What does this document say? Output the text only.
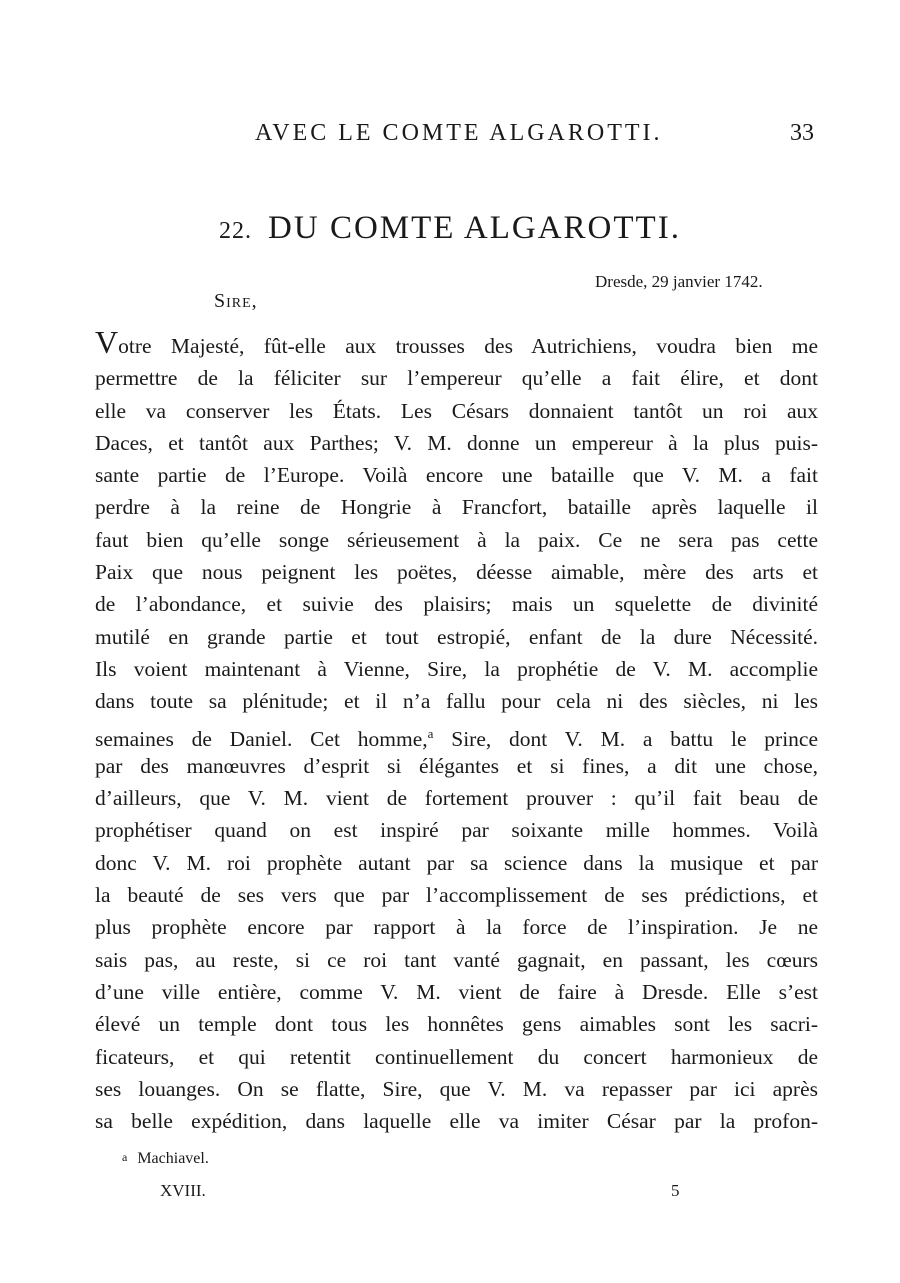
AVEC LE COMTE ALGAROTTI.	33
22. DU COMTE ALGAROTTI.
Dresde, 29 janvier 1742.
Sire,
Votre Majesté, fût-elle aux trousses des Autrichiens, voudra bien me
permettre de la féliciter sur l’empereur qu’elle a fait élire, et dont
elle va conserver les États. Les Césars donnaient tantôt un roi aux
Daces, et tantôt aux Parthes; V. M. donne un empereur à la plus puis-
sante partie de l’Europe. Voilà encore une bataille que V. M. a fait
perdre à la reine de Hongrie à Francfort, bataille après laquelle il
faut bien qu’elle songe sérieusement à la paix. Ce ne sera pas cette
Paix que nous peignent les poëtes, déesse aimable, mère des arts et
de l’abondance, et suivie des plaisirs; mais un squelette de divinité
mutilé en grande partie et tout estropié, enfant de la dure Nécessité.
Ils voient maintenant à Vienne, Sire, la prophétie de V. M. accomplie
dans toute sa plénitude; et il n’a fallu pour cela ni des siècles, ni les
semaines de Daniel. Cet homme,$^a$ Sire, dont V. M. a battu le prince
par des manœuvres d’esprit si élégantes et si fines, a dit une chose,
d’ailleurs, que V. M. vient de fortement prouver : qu’il fait beau de
prophétiser quand on est inspiré par soixante mille hommes. Voilà
donc V. M. roi prophète autant par sa science dans la musique et par
la beauté de ses vers que par l’accomplissement de ses prédictions, et
plus prophète encore par rapport à la force de l’inspiration. Je ne
sais pas, au reste, si ce roi tant vanté gagnait, en passant, les cœurs
d’une ville entière, comme V. M. vient de faire à Dresde. Elle s’est
élevé un temple dont tous les honnêtes gens aimables sont les sacri-
ficateurs, et qui retentit continuellement du concert harmonieux de
ses louanges. On se flatte, Sire, que V. M. va repasser par ici après
sa belle expédition, dans laquelle elle va imiter César par la profon-
a Machiavel.
XVIII.	5
